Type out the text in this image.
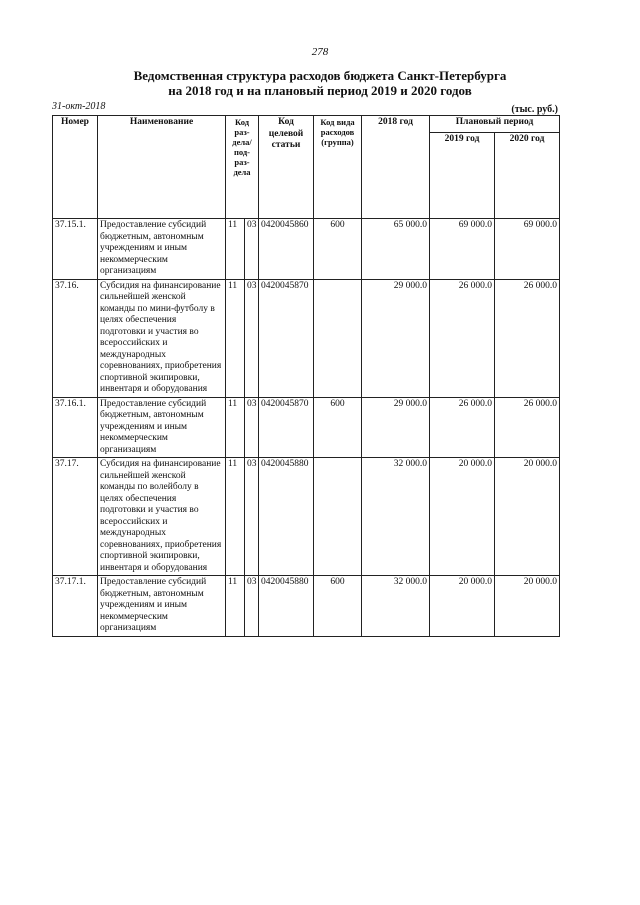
278
Ведомственная структура расходов бюджета Санкт-Петербурга
на 2018 год и на плановый период 2019 и 2020 годов
31-окт-2018	(тыс. руб.)
Номер	Наименование	Код раз-дела/ под-раз-дела		Код целевой статьи	Код вида расходов (группа)	2018 год	Плановый период	
							2019 год	2020 год
37.15.1.	Предоставление субсидий бюджетным, автономным учреждениям и иным некоммерческим организациям	11	03	0420045860	600	65 000.0	69 000.0	69 000.0
37.16.	Субсидия на финансирование сильнейшей женской команды по мини-футболу в целях обеспечения подготовки и участия во всероссийских и международных соревнованиях, приобретения спортивной экипировки, инвентаря и оборудования	11	03	0420045870		29 000.0	26 000.0	26 000.0
37.16.1.	Предоставление субсидий бюджетным, автономным учреждениям и иным некоммерческим организациям	11	03	0420045870	600	29 000.0	26 000.0	26 000.0
37.17.	Субсидия на финансирование сильнейшей женской команды по волейболу в целях обеспечения подготовки и участия во всероссийских и международных соревнованиях, приобретения спортивной экипировки, инвентаря и оборудования	11	03	0420045880		32 000.0	20 000.0	20 000.0
37.17.1.	Предоставление субсидий бюджетным, автономным учреждениям и иным некоммерческим организациям	11	03	0420045880	600	32 000.0	20 000.0	20 000.0
